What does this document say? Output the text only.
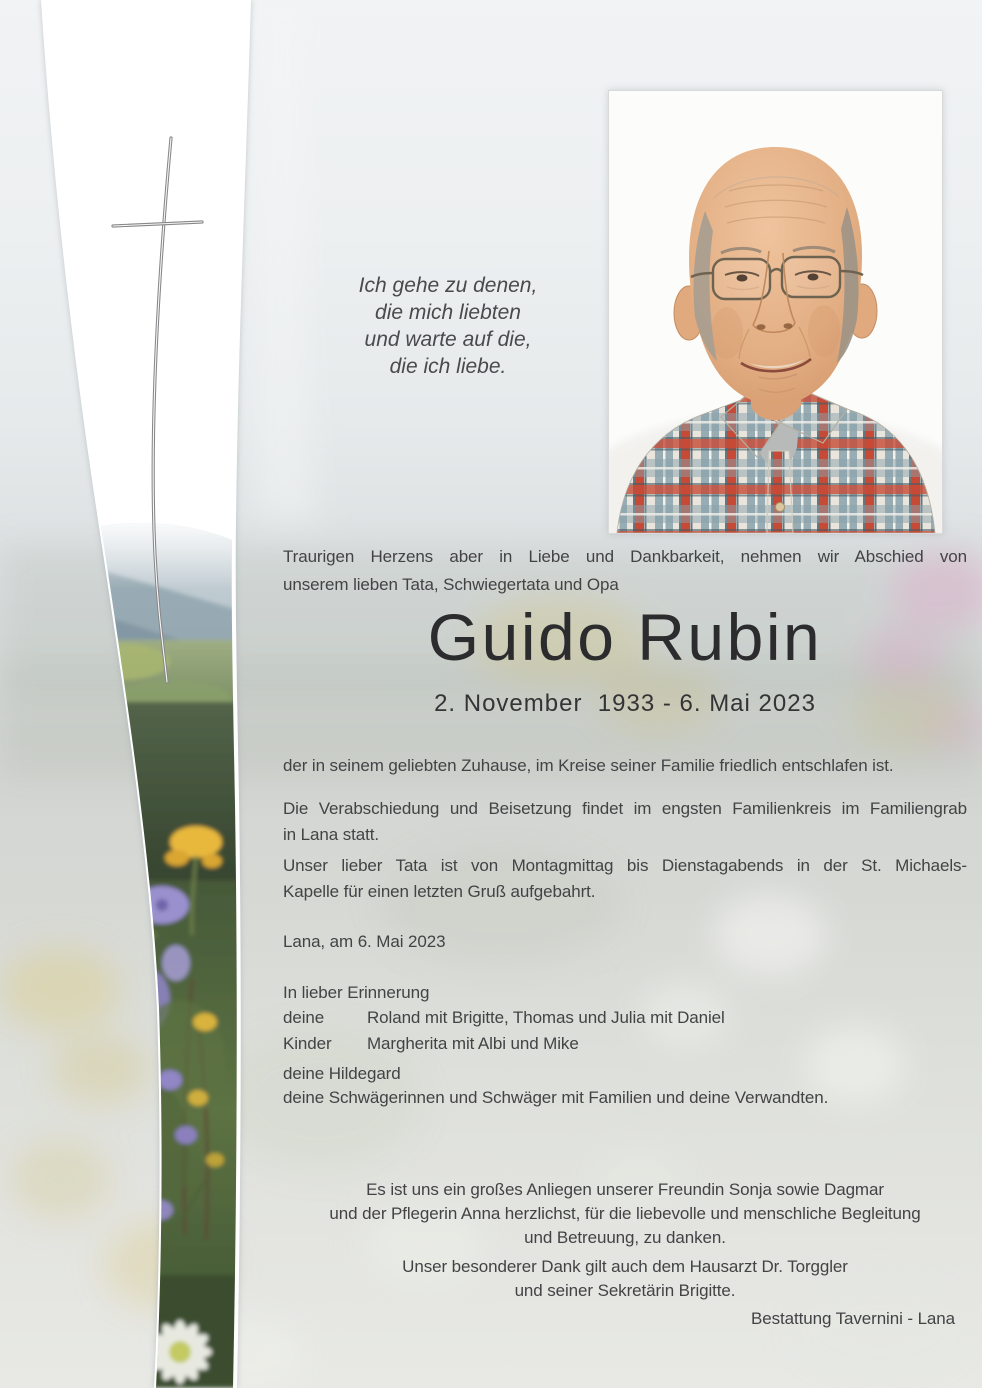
Ich gehe zu denen,
die mich liebten
und warte auf die,
die ich liebe.
Traurigen Herzens aber in Liebe und Dankbarkeit, nehmen wir Abschied von
unserem lieben Tata, Schwiegertata und Opa
Guido Rubin
2. November  1933 - 6. Mai 2023
der in seinem geliebten Zuhause, im Kreise seiner Familie friedlich entschlafen ist.
Die Verabschiedung und Beisetzung findet im engsten Familienkreis im Familiengrab
in Lana statt.
Unser lieber Tata ist von Montagmittag bis Dienstagabends in der St. Michaels-
Kapelle für einen letzten Gruß aufgebahrt.
Lana, am 6. Mai 2023
In lieber Erinnerung
deine Kinder
Roland mit Brigitte, Thomas und Julia mit Daniel
Margherita mit Albi und Mike
deine Hildegard
deine Schwägerinnen und Schwäger mit Familien und deine Verwandten.
Es ist uns ein großes Anliegen unserer Freundin Sonja sowie Dagmar
und der Pflegerin Anna herzlichst, für die liebevolle und menschliche Begleitung
und Betreuung, zu danken.
Unser besonderer Dank gilt auch dem Hausarzt Dr. Torggler
und seiner Sekretärin Brigitte.
Bestattung Tavernini - Lana
